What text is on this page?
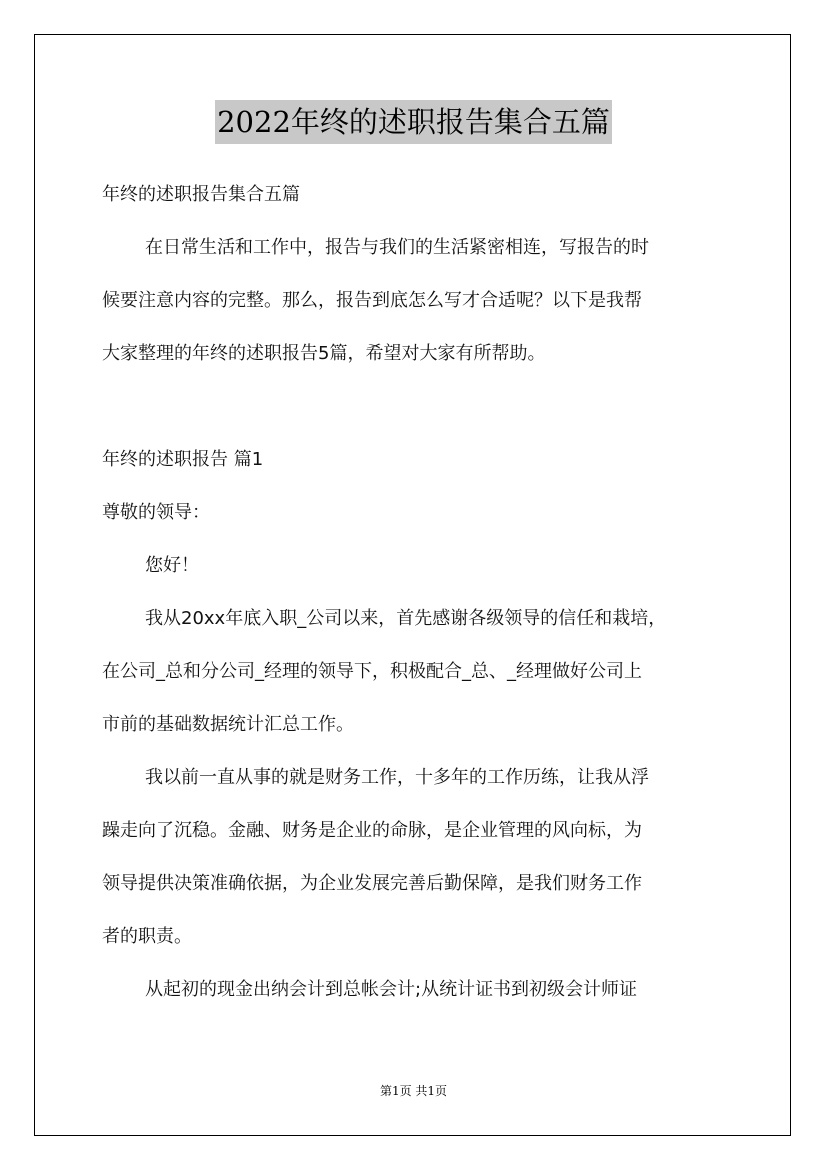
2022年终的述职报告集合五篇
年终的述职报告集合五篇
在日常生活和工作中，报告与我们的生活紧密相连，写报告的时
候要注意内容的完整。那么，报告到底怎么写才合适呢？以下是我帮
大家整理的年终的述职报告5篇，希望对大家有所帮助。
年终的述职报告 篇1
尊敬的领导：
您好！
我从20xx年底入职_公司以来，首先感谢各级领导的信任和栽培，
在公司_总和分公司_经理的领导下，积极配合_总、_经理做好公司上
市前的基础数据统计汇总工作。
我以前一直从事的就是财务工作，十多年的工作历练，让我从浮
躁走向了沉稳。金融、财务是企业的命脉，是企业管理的风向标，为
领导提供决策准确依据，为企业发展完善后勤保障，是我们财务工作
者的职责。
从起初的现金出纳会计到总帐会计;从统计证书到初级会计师证
第1页 共1页
